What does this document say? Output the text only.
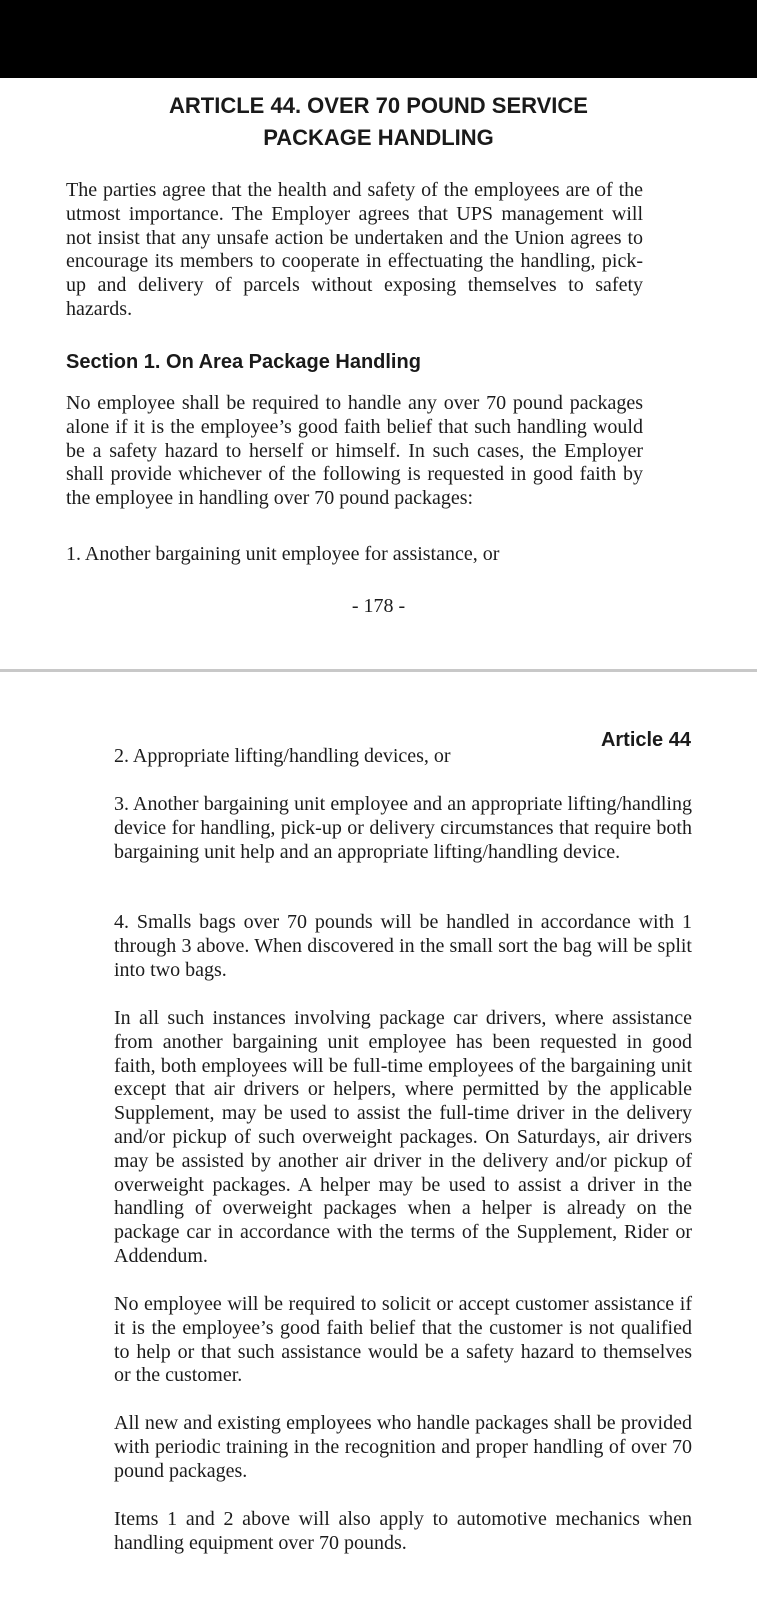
ARTICLE 44. OVER 70 POUND SERVICE
PACKAGE HANDLING

The parties agree that the health and safety of the employees are of the utmost importance. The Employer agrees that UPS management will not insist that any unsafe action be undertaken and the Union agrees to encourage its members to cooperate in effectuating the handling, pick-up and delivery of parcels without exposing themselves to safety hazards.

Section 1. On Area Package Handling

No employee shall be required to handle any over 70 pound packages alone if it is the employee’s good faith belief that such handling would be a safety hazard to herself or himself. In such cases, the Employer shall provide whichever of the following is requested in good faith by the employee in handling over 70 pound packages:

1. Another bargaining unit employee for assistance, or

- 178 -

Article 44

2. Appropriate lifting/handling devices, or

3. Another bargaining unit employee and an appropriate lifting/handling device for handling, pick-up or delivery circumstances that require both bargaining unit help and an appropriate lifting/handling device.

4. Smalls bags over 70 pounds will be handled in accordance with 1 through 3 above. When discovered in the small sort the bag will be split into two bags.

In all such instances involving package car drivers, where assistance from another bargaining unit employee has been requested in good faith, both employees will be full-time employees of the bargaining unit except that air drivers or helpers, where permitted by the applicable Supplement, may be used to assist the full-time driver in the delivery and/or pickup of such overweight packages. On Saturdays, air drivers may be assisted by another air driver in the delivery and/or pickup of overweight packages. A helper may be used to assist a driver in the handling of overweight packages when a helper is already on the package car in accordance with the terms of the Supplement, Rider or Addendum.

No employee will be required to solicit or accept customer assistance if it is the employee’s good faith belief that the customer is not qualified to help or that such assistance would be a safety hazard to themselves or the customer.

All new and existing employees who handle packages shall be provided with periodic training in the recognition and proper handling of over 70 pound packages.

Items 1 and 2 above will also apply to automotive mechanics when handling equipment over 70 pounds.
